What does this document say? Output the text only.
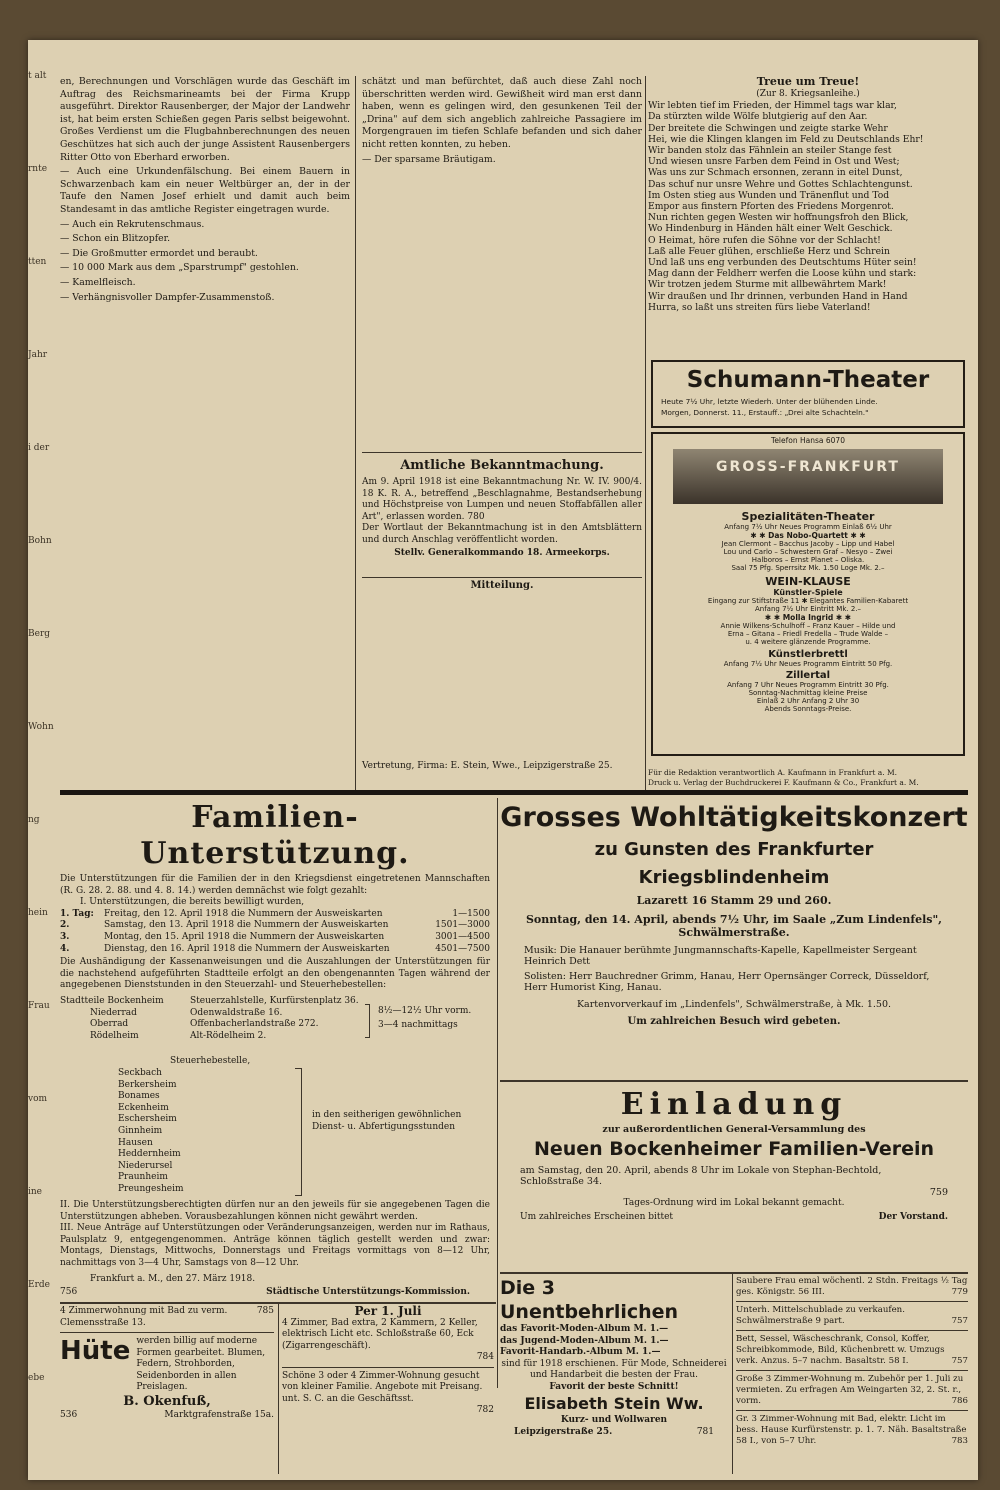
t alt
rnte
tten
Jahr
i der
Bohn
Berg
Wohn
ng
hein
Frau
vom
ine
Erde
ebe

en, Berechnungen und Vorschlägen wurde das Geschäft im Auftrag des Reichsmarineamts bei der Firma Krupp ausgeführt. Direktor Rausenberger, der Major der Landwehr ist, hat beim ersten Schießen gegen Paris selbst beigewohnt. Großes Verdienst um die Flugbahnberechnungen des neuen Geschützes hat sich auch der junge Assistent Rausenbergers Ritter Otto von Eberhard erworben.

— Auch eine Urkundenfälschung. Bei einem Bauern in Schwarzenbach kam ein neuer Weltbürger an, der in der Taufe den Namen Josef erhielt und damit auch beim Standesamt in das amtliche Register eingetragen wurde.

— Auch ein Rekrutenschmaus.

— Schon ein Blitzopfer.

— Die Großmutter ermordet und beraubt.

— 10 000 Mark aus dem „Sparstrumpf" gestohlen.

— Kamelfleisch.

— Verhängnisvoller Dampfer-Zusammenstoß.

schätzt und man befürchtet, daß auch diese Zahl noch überschritten werden wird. Gewißheit wird man erst dann haben, wenn es gelingen wird, den gesunkenen Teil der „Drina" auf dem sich angeblich zahlreiche Passagiere im Morgengrauen im tiefen Schlafe befanden und sich daher nicht retten konnten, zu heben.

— Der sparsame Bräutigam.

Amtliche Bekanntmachung.
Am 9. April 1918 ist eine Bekanntmachung Nr. W. IV. 900/4. 18 K. R. A., betreffend „Beschlagnahme, Bestandserhebung und Höchstpreise von Lumpen und neuen Stoffabfällen aller Art", erlassen worden. 780
Der Wortlaut der Bekanntmachung ist in den Amtsblättern und durch Anschlag veröffentlicht worden.
Stellv. Generalkommando 18. Armeekorps.
Mitteilung.
Vertretung, Firma: E. Stein, Wwe., Leipzigerstraße 25.
Treue um Treue!
(Zur 8. Kriegsanleihe.)
Wir lebten tief im Frieden, der Himmel tags war klar,
Da stürzten wilde Wölfe blutgierig auf den Aar.
Der breitete die Schwingen und zeigte starke Wehr
Hei, wie die Klingen klangen im Feld zu Deutschlands Ehr!
Wir banden stolz das Fähnlein an steiler Stange fest
Und wiesen unsre Farben dem Feind in Ost und West;
Was uns zur Schmach ersonnen, zerann in eitel Dunst,
Das schuf nur unsre Wehre und Gottes Schlachtengunst.
Im Osten stieg aus Wunden und Tränenflut und Tod
Empor aus finstern Pforten des Friedens Morgenrot.
Nun richten gegen Westen wir hoffnungsfroh den Blick,
Wo Hindenburg in Händen hält einer Welt Geschick.
O Heimat, höre rufen die Söhne vor der Schlacht!
Laß alle Feuer glühen, erschließe Herz und Schrein
Und laß uns eng verbunden des Deutschtums Hüter sein!
Mag dann der Feldherr werfen die Loose kühn und stark:
Wir trotzen jedem Sturme mit allbewährtem Mark!
Wir draußen und Ihr drinnen, verbunden Hand in Hand
Hurra, so laßt uns streiten fürs liebe Vaterland!
Schumann-Theater
Heute 7½ Uhr, letzte Wiederh. Unter der blühenden Linde.
Morgen, Donnerst. 11., Erstauff.: „Drei alte Schachteln."
Telefon Hansa 6070
GROSS-FRANKFURT
Spezialitäten-Theater
Anfang 7½ Uhr Neues Programm Einlaß 6½ Uhr
✱ ✱ Das Nobo-Quartett ✱ ✱
Jean Clermont – Bacchus Jacoby – Lipp und Habel
Lou und Carlo – Schwestern Graf – Nesyo – Zwei
Halboros – Ernst Planet – Oliska.
Saal 75 Pfg. Sperrsitz Mk. 1.50 Loge Mk. 2.–
WEIN-KLAUSE
Künstler-Spiele
Eingang zur Stiftstraße 11 ✱ Elegantes Familien-Kabarett
Anfang 7½ Uhr Eintritt Mk. 2.–
✱ ✱ Molla Ingrid ✱ ✱
Annie Wilkens-Schulhoff – Franz Kauer – Hilde und
Erna – Gitana – Friedl Fredella – Trude Walde –
u. 4 weitere glänzende Programme.
Künstlerbrettl
Anfang 7½ Uhr Neues Programm Eintritt 50 Pfg.
Zillertal
Anfang 7 Uhr Neues Programm Eintritt 30 Pfg.
Sonntag-Nachmittag kleine Preise
Einlaß 2 Uhr Anfang 2 Uhr 30
Abends Sonntags-Preise.
Für die Redaktion verantwortlich A. Kaufmann in Frankfurt a. M.
Druck u. Verlag der Buchdruckerei F. Kaufmann & Co., Frankfurt a. M.
Familien-Unterstützung.
Die Unterstützungen für die Familien der in den Kriegsdienst eingetretenen Mannschaften (R. G. 28. 2. 88. und 4. 8. 14.) werden demnächst wie folgt gezahlt:
I. Unterstützungen, die bereits bewilligt wurden,
1. Tag:	Freitag, den 12. April 1918 die Nummern der Ausweiskarten	1—1500
2.	Samstag, den 13. April 1918 die Nummern der Ausweiskarten	1501—3000
3.	Montag, den 15. April 1918 die Nummern der Ausweiskarten	3001—4500
4.	Dienstag, den 16. April 1918 die Nummern der Ausweiskarten	4501—7500
Die Aushändigung der Kassenanweisungen und die Auszahlungen der Unterstützungen für die nachstehend aufgeführten Stadtteile erfolgt an den obengenannten Tagen während der angegebenen Dienststunden in den Steuerzahl- und Steuerhebestellen:
Stadtteile Bockenheim	Steuerzahlstelle, Kurfürstenplatz 36.
Niederrad	Odenwaldstraße 16.
Oberrad	Offenbacherlandstraße 272.
Rödelheim	Alt-Rödelheim 2.
8½—12½ Uhr vorm.
3—4 nachmittags
Steuerhebestelle,
Seckbach
Berkersheim
Bonames
Eckenheim
Eschersheim
Ginnheim
Hausen
Heddernheim
Niederursel
Praunheim
Preungesheim
in den seitherigen gewöhnlichen Dienst- u. Abfertigungsstunden
II. Die Unterstützungsberechtigten dürfen nur an den jeweils für sie angegebenen Tagen die Unterstützungen abheben. Vorausbezahlungen können nicht gewährt werden.
III. Neue Anträge auf Unterstützungen oder Veränderungsanzeigen, werden nur im Rathaus, Paulsplatz 9, entgegengenommen. Anträge können täglich gestellt werden und zwar: Montags, Dienstags, Mittwochs, Donnerstags und Freitags vormittags von 8—12 Uhr, nachmittags von 3—4 Uhr, Samstags von 8—12 Uhr.
Frankfurt a. M., den 27. März 1918.
756	Städtische Unterstützungs-Kommission.
Grosses Wohltätigkeitskonzert
zu Gunsten des Frankfurter Kriegsblindenheim
Lazarett 16 Stamm 29 und 260.
Sonntag, den 14. April, abends 7½ Uhr, im Saale „Zum Lindenfels", Schwälmerstraße.
Musik: Die Hanauer berühmte Jungmannschafts-Kapelle, Kapellmeister Sergeant Heinrich Dett
Solisten: Herr Bauchredner Grimm, Hanau, Herr Opernsänger Correck, Düsseldorf, Herr Humorist King, Hanau.
Kartenvorverkauf im „Lindenfels", Schwälmerstraße, à Mk. 1.50.
Um zahlreichen Besuch wird gebeten.
Einladung
zur außerordentlichen General-Versammlung des
Neuen Bockenheimer Familien-Verein
am Samstag, den 20. April, abends 8 Uhr im Lokale von Stephan-Bechtold, Schloßstraße 34.
759
Tages-Ordnung wird im Lokal bekannt gemacht.
Um zahlreiches Erscheinen bittet	Der Vorstand.
Die 3 Unentbehrlichen
das Favorit-Moden-Album M. 1.—
das Jugend-Moden-Album M. 1.—
Favorit-Handarb.-Album M. 1.—
sind für 1918 erschienen. Für Mode, Schneiderei und Handarbeit die besten der Frau.
Favorit der beste Schnitt!
Elisabeth Stein Ww.
Kurz- und Wollwaren
Leipzigerstraße 25.	781
Saubere Frau emal wöchentl. 2 Stdn. Freitags ½ Tag ges. Königstr. 56 III.	779
Unterh. Mittelschublade zu verkaufen. Schwälmerstraße 9 part.	757
Bett, Sessel, Wäscheschrank, Consol, Koffer, Schreibkommode, Bild, Küchenbrett w. Umzugs verk. Anzus. 5–7 nachm. Basaltstr. 58 I.	757
Große 3 Zimmer-Wohnung m. Zubehör per 1. Juli zu vermieten. Zu erfragen Am Weingarten 32, 2. St. r., vorm.	786
Gr. 3 Zimmer-Wohnung mit Bad, elektr. Licht im bess. Hause Kurfürstenstr. p. 1. 7. Näh. Basaltstraße 58 I., von 5–7 Uhr.	783
4 Zimmerwohnung mit Bad zu verm. Clemensstraße 13.
785
Hüte werden billig auf moderne Formen gearbeitet. Blumen, Federn, Strohborden, Seidenborden in allen Preislagen.
B. Okenfuß,
536	Marktgrafenstraße 15a.
Per 1. Juli
4 Zimmer, Bad extra, 2 Kammern, 2 Keller, elektrisch Licht etc. Schloßstraße 60, Eck (Zigarrengeschäft).
784
Schöne 3 oder 4 Zimmer-Wohnung gesucht von kleiner Familie. Angebote mit Preisang. unt. S. C. an die Geschäftsst.
782
